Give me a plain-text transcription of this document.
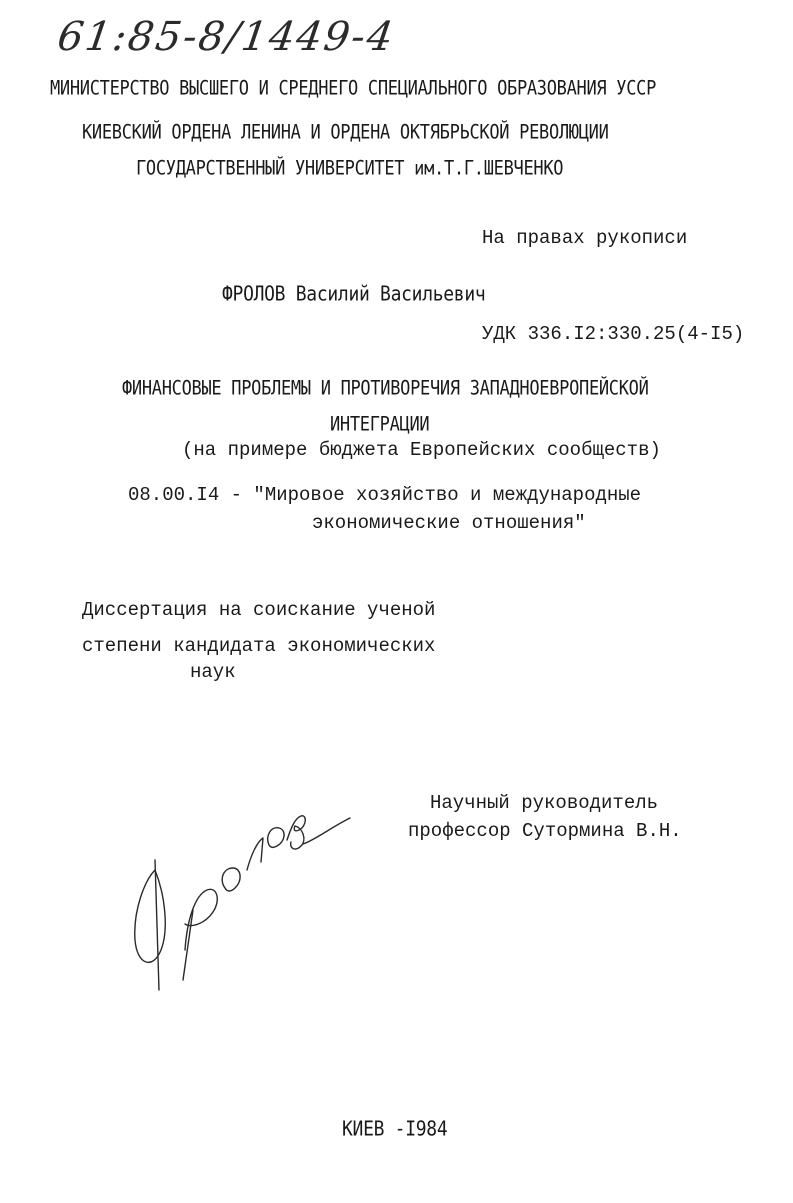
61:85-8/1449-4
МИНИСТЕРСТВО ВЫСШЕГО И СРЕДНЕГО СПЕЦИАЛЬНОГО ОБРАЗОВАНИЯ УССР
КИЕВСКИЙ ОРДЕНА ЛЕНИНА И ОРДЕНА ОКТЯБРЬСКОЙ РЕВОЛЮЦИИ
ГОСУДАРСТВЕННЫЙ УНИВЕРСИТЕТ им.Т.Г.ШЕВЧЕНКО
На правах рукописи
ФРОЛОВ Василий Васильевич
УДК 336.I2:330.25(4-I5)
ФИНАНСОВЫЕ ПРОБЛЕМЫ И ПРОТИВОРЕЧИЯ ЗАПАДНОЕВРОПЕЙСКОЙ
ИНТЕГРАЦИИ
(на примере бюджета Европейских сообществ)
08.00.I4 - "Мировое хозяйство и международные
экономические отношения"
Диссертация на соискание ученой
степени кандидата экономических
наук
Научный руководитель
профессор Сутормина В.Н.
КИЕВ -I984
